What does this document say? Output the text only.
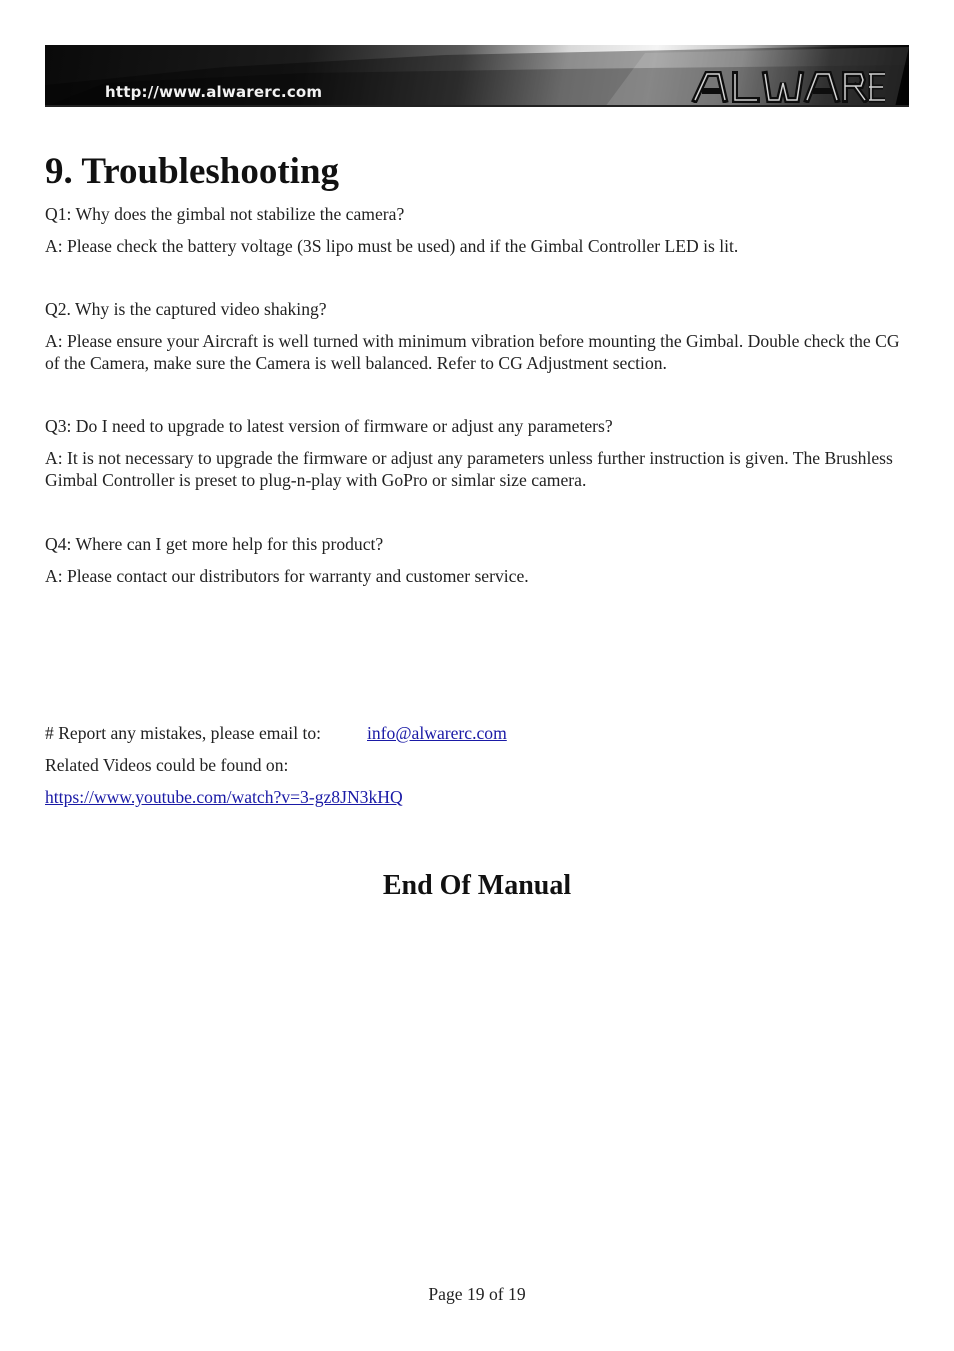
http://www.alwarerc.com
9. Troubleshooting

Q1: Why does the gimbal not stabilize the camera?

A: Please check the battery voltage (3S lipo must be used) and if the Gimbal Controller LED is lit.

Q2. Why is the captured video shaking?

A: Please ensure your Aircraft is well turned with minimum vibration before mounting the Gimbal. Double check the CG of the Camera, make sure the Camera is well balanced. Refer to CG Adjustment section.

Q3: Do I need to upgrade to latest version of firmware or adjust any parameters?

A: It is not necessary to upgrade the firmware or adjust any parameters unless further instruction is given. The Brushless Gimbal Controller is preset to plug-n-play with GoPro or simlar size camera.

Q4: Where can I get more help for this product?

A: Please contact our distributors for warranty and customer service.

# Report any mistakes, please email to:	info@alwarerc.com

Related Videos could be found on:

https://www.youtube.com/watch?v=3-gz8JN3kHQ

End Of Manual
Page 19 of 19
